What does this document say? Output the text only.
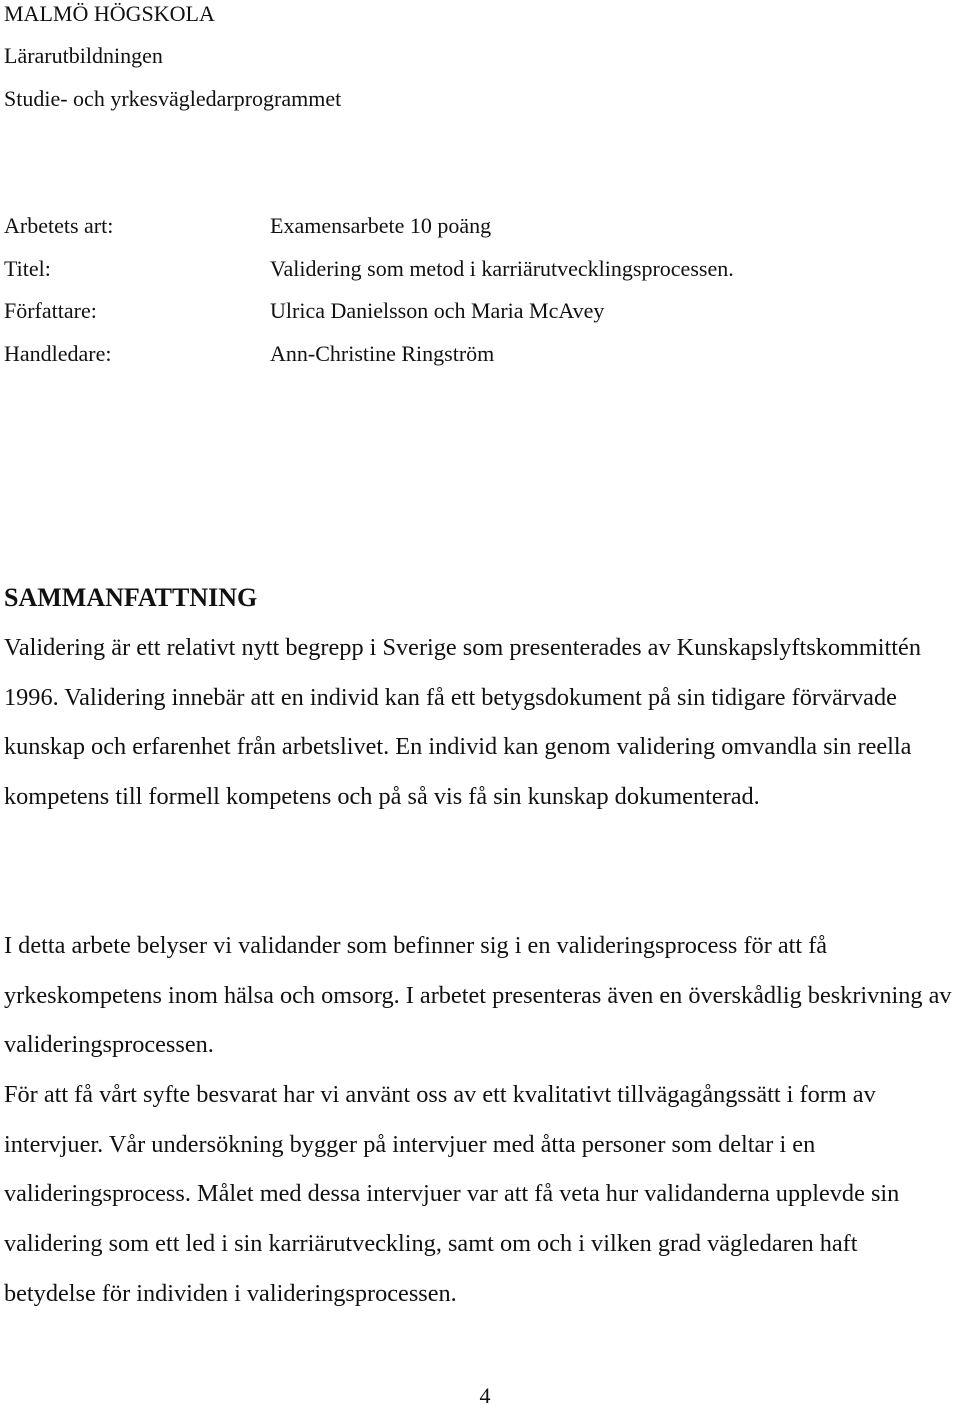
MALMÖ HÖGSKOLA
Lärarutbildningen
Studie- och yrkesvägledarprogrammet
Arbetets art:	Examensarbete 10 poäng
Titel:	Validering som metod i karriärutvecklingsprocessen.
Författare:	Ulrica Danielsson och Maria McAvey
Handledare:	Ann-Christine Ringström
SAMMANFATTNING

Validering är ett relativt nytt begrepp i Sverige som presenterades av Kunskapslyftskommittén 1996. Validering innebär att en individ kan få ett betygsdokument på sin tidigare förvärvade kunskap och erfarenhet från arbetslivet. En individ kan genom validering omvandla sin reella kompetens till formell kompetens och på så vis få sin kunskap dokumenterad.

I detta arbete belyser vi validander som befinner sig i en valideringsprocess för att få yrkeskompetens inom hälsa och omsorg. I arbetet presenteras även en överskådlig beskrivning av valideringsprocessen.

För att få vårt syfte besvarat har vi använt oss av ett kvalitativt tillvägagångssätt i form av intervjuer. Vår undersökning bygger på intervjuer med åtta personer som deltar i en valideringsprocess. Målet med dessa intervjuer var att få veta hur validanderna upplevde sin validering som ett led i sin karriärutveckling, samt om och i vilken grad vägledaren haft betydelse för individen i valideringsprocessen.

4
